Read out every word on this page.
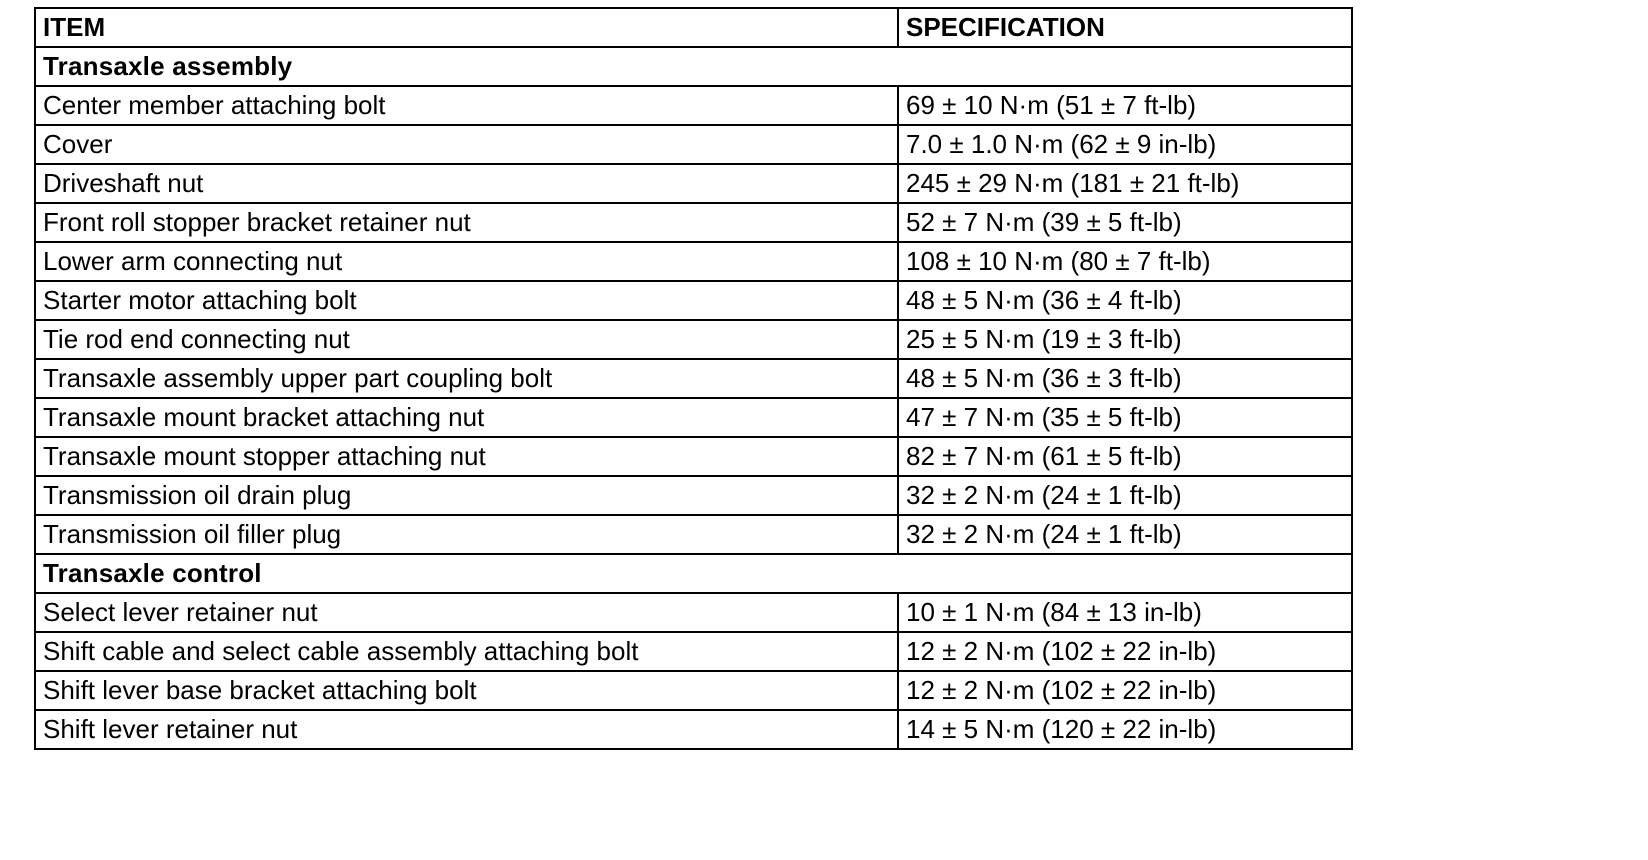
ITEM	SPECIFICATION
Transaxle assembly	
Center member attaching bolt	69 ± 10 N·m (51 ± 7 ft-lb)
Cover	7.0 ± 1.0 N·m (62 ± 9 in-lb)
Driveshaft nut	245 ± 29 N·m (181 ± 21 ft-lb)
Front roll stopper bracket retainer nut	52 ± 7 N·m (39 ± 5 ft-lb)
Lower arm connecting nut	108 ± 10 N·m (80 ± 7 ft-lb)
Starter motor attaching bolt	48 ± 5 N·m (36 ± 4 ft-lb)
Tie rod end connecting nut	25 ± 5 N·m (19 ± 3 ft-lb)
Transaxle assembly upper part coupling bolt	48 ± 5 N·m (36 ± 3 ft-lb)
Transaxle mount bracket attaching nut	47 ± 7 N·m (35 ± 5 ft-lb)
Transaxle mount stopper attaching nut	82 ± 7 N·m (61 ± 5 ft-lb)
Transmission oil drain plug	32 ± 2 N·m (24 ± 1 ft-lb)
Transmission oil filler plug	32 ± 2 N·m (24 ± 1 ft-lb)
Transaxle control	
Select lever retainer nut	10 ± 1 N·m (84 ± 13 in-lb)
Shift cable and select cable assembly attaching bolt	12 ± 2 N·m (102 ± 22 in-lb)
Shift lever base bracket attaching bolt	12 ± 2 N·m (102 ± 22 in-lb)
Shift lever retainer nut	14 ± 5 N·m (120 ± 22 in-lb)
